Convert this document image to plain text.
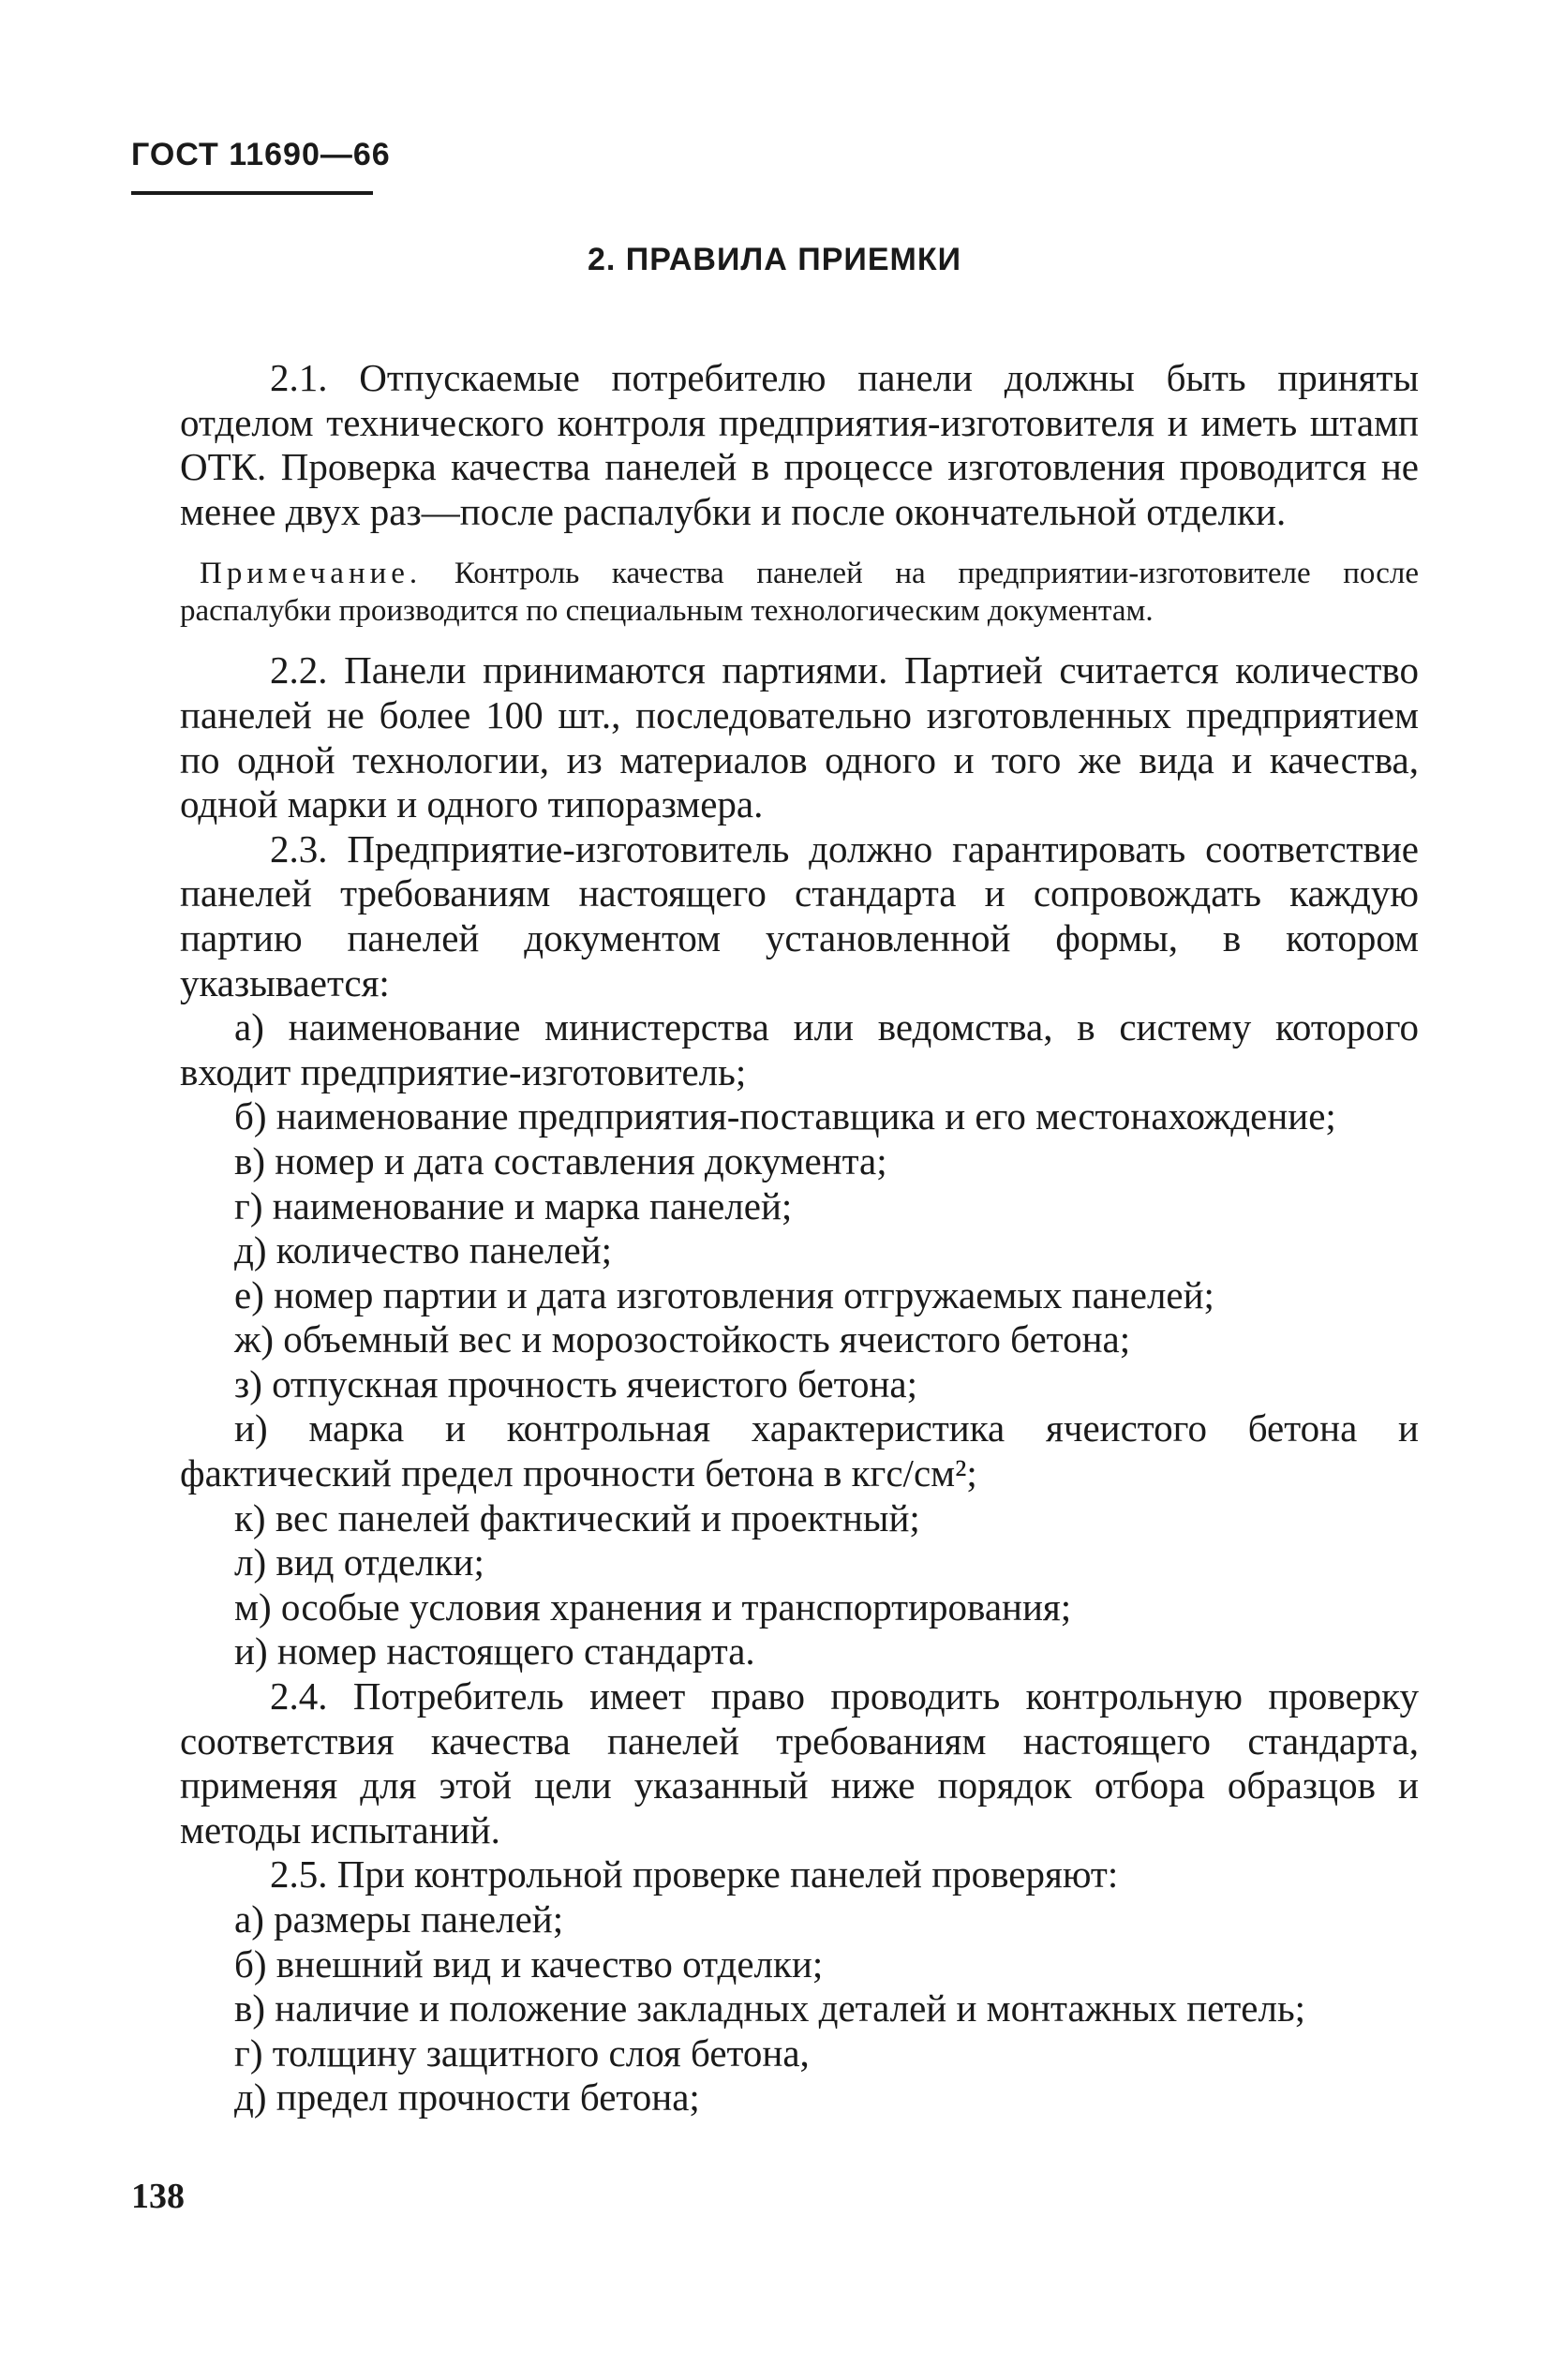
ГОСТ 11690—66

2. ПРАВИЛА ПРИЕМКИ

2.1. Отпускаемые потребителю панели должны быть приняты отделом технического контроля предприятия-изготовителя и иметь штамп ОТК. Проверка качества панелей в процессе изготовления проводится не менее двух раз—после распалубки и после окончательной отделки.

Примечание. Контроль качества панелей на предприятии-изготовителе после распалубки производится по специальным технологическим документам.

2.2. Панели принимаются партиями. Партией считается количество панелей не более 100 шт., последовательно изготовленных предприятием по одной технологии, из материалов одного и того же вида и качества, одной марки и одного типоразмера.

2.3. Предприятие-изготовитель должно гарантировать соответствие панелей требованиям настоящего стандарта и сопровождать каждую партию панелей документом установленной формы, в котором указывается:

а) наименование министерства или ведомства, в систему которого входит предприятие-изготовитель;

б) наименование предприятия-поставщика и его местонахождение;

в) номер и дата составления документа;

г) наименование и марка панелей;

д) количество панелей;

е) номер партии и дата изготовления отгружаемых панелей;

ж) объемный вес и морозостойкость ячеистого бетона;

з) отпускная прочность ячеистого бетона;

и) марка и контрольная характеристика ячеистого бетона и фактический предел прочности бетона в кгс/см²;

к) вес панелей фактический и проектный;

л) вид отделки;

м) особые условия хранения и транспортирования;

и) номер настоящего стандарта.

2.4. Потребитель имеет право проводить контрольную проверку соответствия качества панелей требованиям настоящего стандарта, применяя для этой цели указанный ниже порядок отбора образцов и методы испытаний.

2.5. При контрольной проверке панелей проверяют:

а) размеры панелей;

б) внешний вид и качество отделки;

в) наличие и положение закладных деталей и монтажных петель;

г) толщину защитного слоя бетона,

д) предел прочности бетона;

138
